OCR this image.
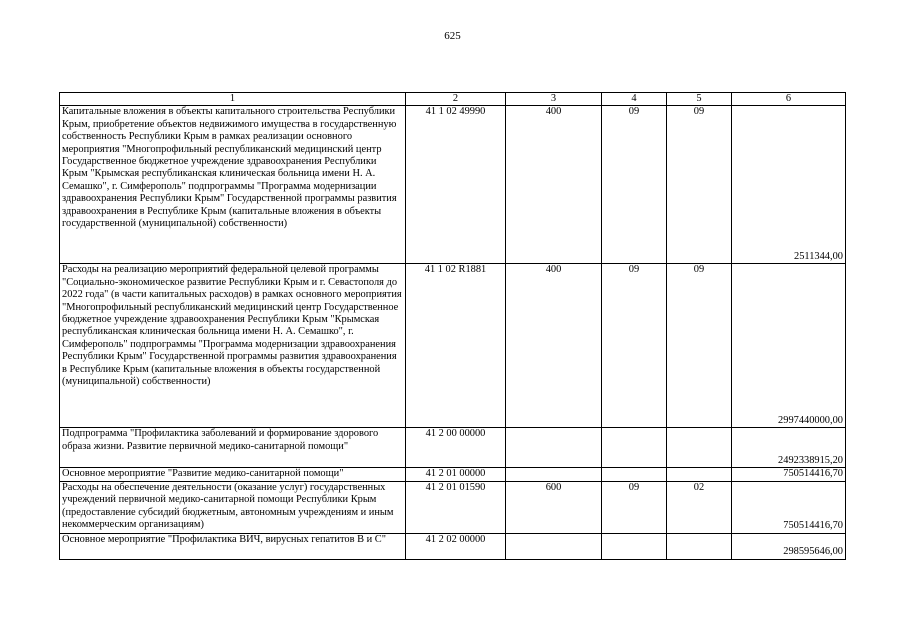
625
1	2	3	4	5	6
Капитальные вложения в объекты капитального строительства Республики Крым, приобретение объектов недвижимого имущества в государственную собственность Республики Крым в рамках реализации основного мероприятия "Многопрофильный республиканский медицинский центр Государственное бюджетное учреждение здравоохранения Республики Крым "Крымская республиканская клиническая больница имени Н. А. Семашко", г. Симферополь" подпрограммы "Программа модернизации здравоохранения Республики Крым" Государственной программы развития здравоохранения в Республике Крым (капитальные вложения в объекты государственной (муниципальной) собственности)	41 1 02 49990	400	09	09	2511344,00
Расходы на реализацию мероприятий федеральной целевой программы "Социально-экономическое развитие Республики Крым и г. Севастополя до 2022 года" (в части капитальных расходов) в рамках основного мероприятия "Многопрофильный республиканский медицинский центр Государственное бюджетное учреждение здравоохранения Республики Крым "Крымская республиканская клиническая больница имени Н. А. Семашко", г. Симферополь" подпрограммы "Программа модернизации здравоохранения Республики Крым" Государственной программы развития здравоохранения в Республике Крым (капитальные вложения в объекты государственной (муниципальной) собственности)	41 1 02 R1881	400	09	09	2997440000,00
Подпрограмма "Профилактика заболеваний и формирование здорового образа жизни. Развитие первичной медико-санитарной помощи"	41 2 00 00000				2492338915,20
Основное мероприятие "Развитие медико-санитарной помощи"	41 2 01 00000				750514416,70
Расходы на обеспечение деятельности (оказание услуг) государственных учреждений первичной медико-санитарной помощи Республики Крым (предоставление субсидий бюджетным, автономным учреждениям и иным некоммерческим организациям)	41 2 01 01590	600	09	02	750514416,70
Основное мероприятие "Профилактика ВИЧ, вирусных гепатитов В и С"	41 2 02 00000				298595646,00
